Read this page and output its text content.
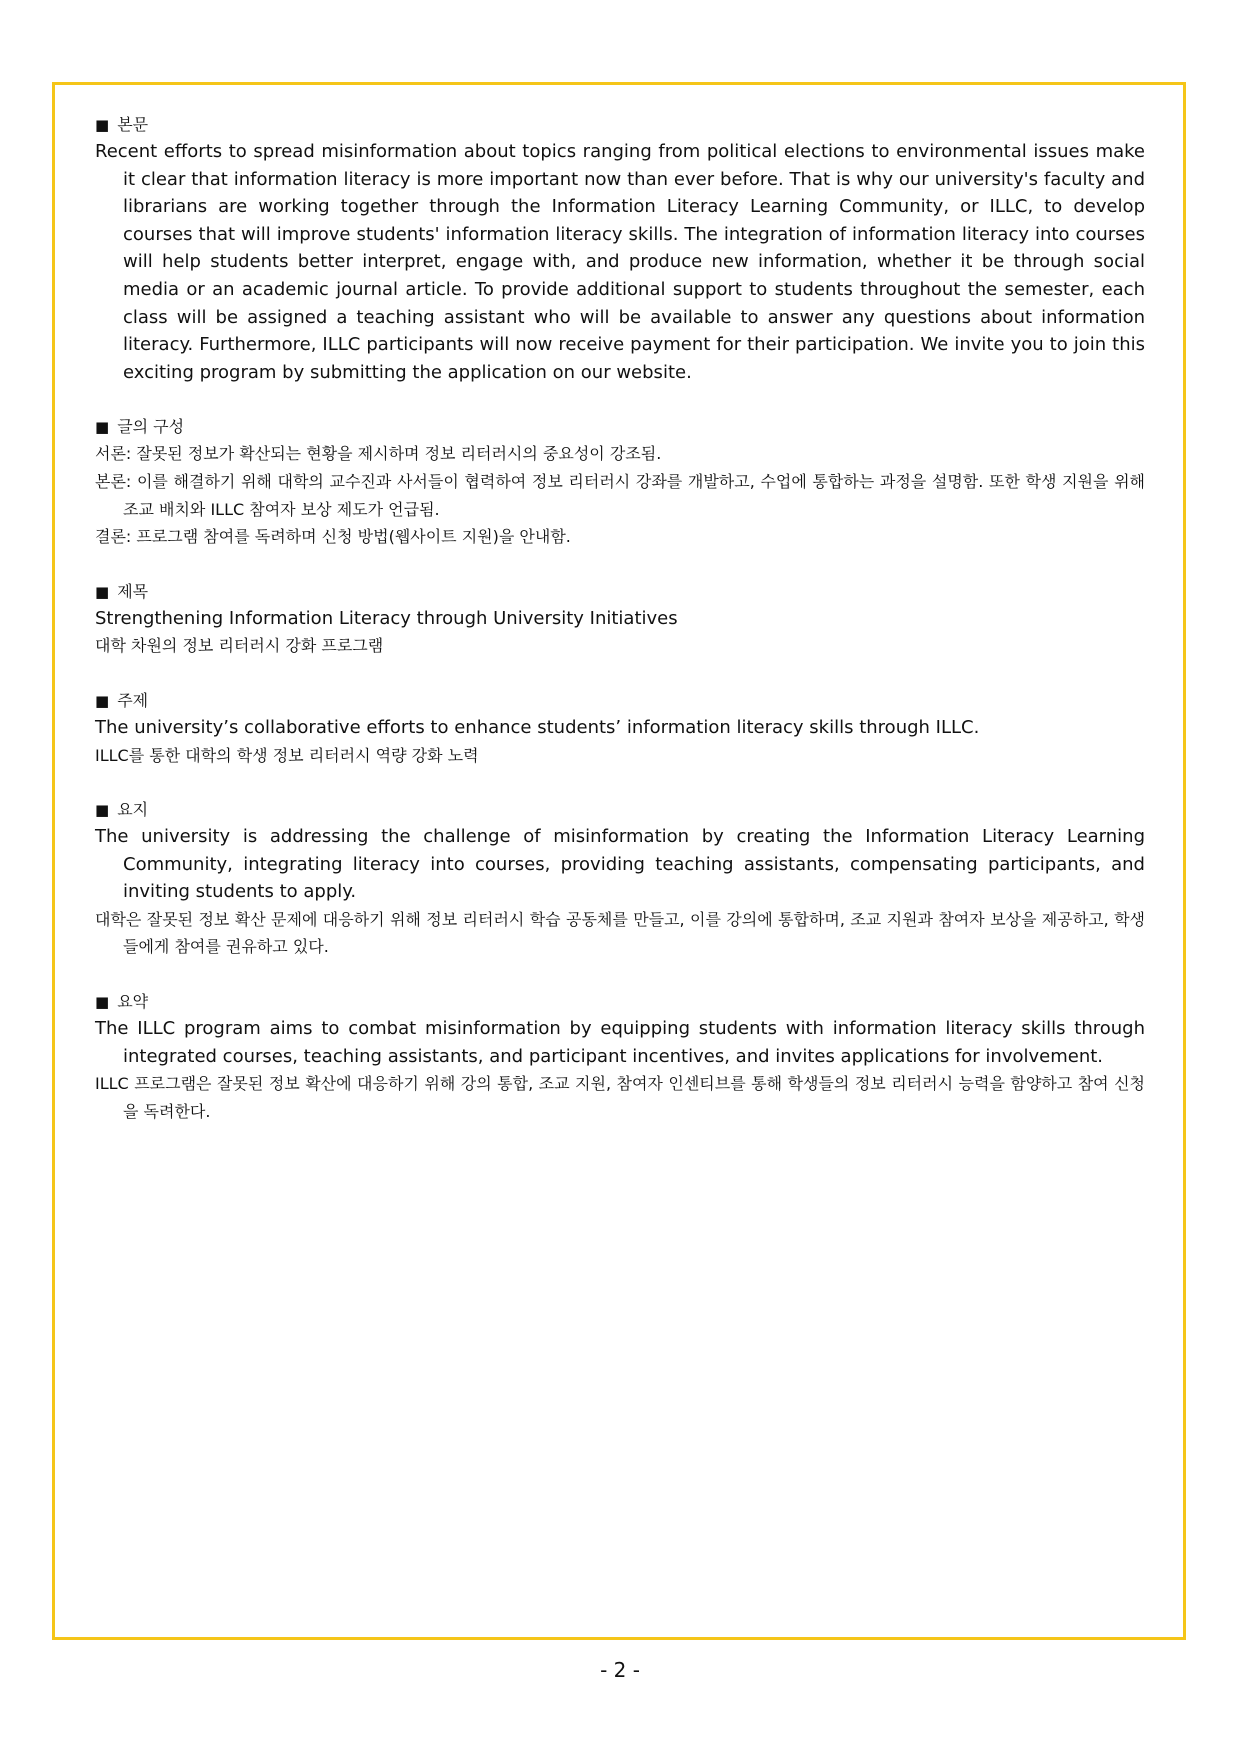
■ 본문

Recent efforts to spread misinformation about topics ranging from political elections to environmental issues make it clear that information literacy is more important now than ever before. That is why our university's faculty and librarians are working together through the Information Literacy Learning Community, or ILLC, to develop courses that will improve students' information literacy skills. The integration of information literacy into courses will help students better interpret, engage with, and produce new information, whether it be through social media or an academic journal article. To provide additional support to students throughout the semester, each class will be assigned a teaching assistant who will be available to answer any questions about information literacy. Furthermore, ILLC participants will now receive payment for their participation. We invite you to join this exciting program by submitting the application on our website.

■ 글의 구성

서론: 잘못된 정보가 확산되는 현황을 제시하며 정보 리터러시의 중요성이 강조됨.

본론: 이를 해결하기 위해 대학의 교수진과 사서들이 협력하여 정보 리터러시 강좌를 개발하고, 수업에 통합하는 과정을 설명함. 또한 학생 지원을 위해 조교 배치와 ILLC 참여자 보상 제도가 언급됨.

결론: 프로그램 참여를 독려하며 신청 방법(웹사이트 지원)을 안내함.

■ 제목

Strengthening Information Literacy through University Initiatives

대학 차원의 정보 리터러시 강화 프로그램

■ 주제

The university’s collaborative efforts to enhance students’ information literacy skills through ILLC.

ILLC를 통한 대학의 학생 정보 리터러시 역량 강화 노력

■ 요지

The university is addressing the challenge of misinformation by creating the Information Literacy Learning Community, integrating literacy into courses, providing teaching assistants, compensating participants, and inviting students to apply.

대학은 잘못된 정보 확산 문제에 대응하기 위해 정보 리터러시 학습 공동체를 만들고, 이를 강의에 통합하며, 조교 지원과 참여자 보상을 제공하고, 학생들에게 참여를 권유하고 있다.

■ 요약

The ILLC program aims to combat misinformation by equipping students with information literacy skills through integrated courses, teaching assistants, and participant incentives, and invites applications for involvement.

ILLC 프로그램은 잘못된 정보 확산에 대응하기 위해 강의 통합, 조교 지원, 참여자 인센티브를 통해 학생들의 정보 리터러시 능력을 함양하고 참여 신청을 독려한다.

- 2 -
